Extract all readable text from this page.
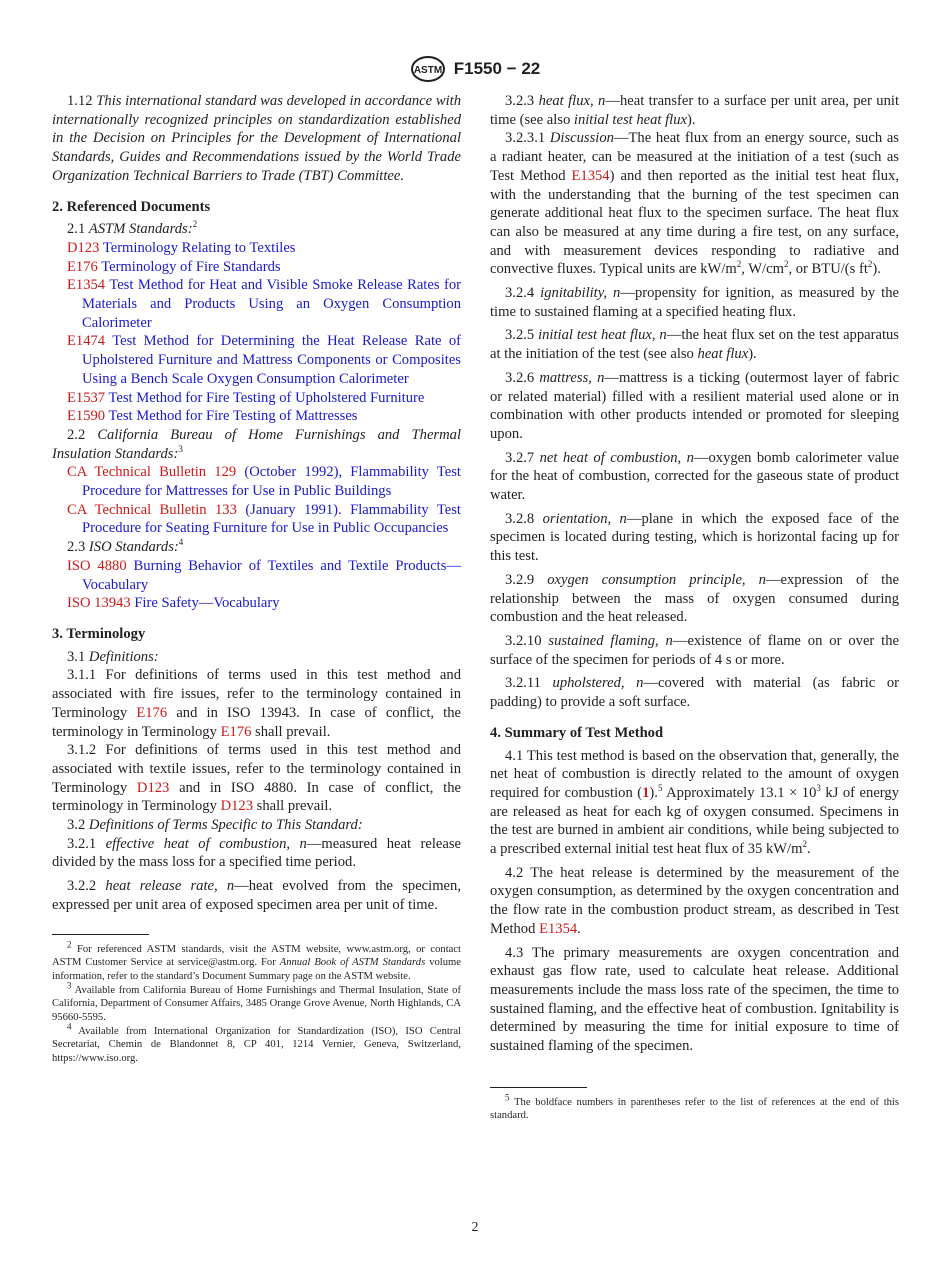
ASTM F1550 − 22

1.12 This international standard was developed in accordance with internationally recognized principles on standardization established in the Decision on Principles for the Development of International Standards, Guides and Recommendations issued by the World Trade Organization Technical Barriers to Trade (TBT) Committee.

2. Referenced Documents

2.1 ASTM Standards:$^2$

D123 Terminology Relating to Textiles

E176 Terminology of Fire Standards

E1354 Test Method for Heat and Visible Smoke Release Rates for Materials and Products Using an Oxygen Consumption Calorimeter

E1474 Test Method for Determining the Heat Release Rate of Upholstered Furniture and Mattress Components or Composites Using a Bench Scale Oxygen Consumption Calorimeter

E1537 Test Method for Fire Testing of Upholstered Furniture

E1590 Test Method for Fire Testing of Mattresses

2.2 California Bureau of Home Furnishings and Thermal Insulation Standards:$^3$

CA Technical Bulletin 129 (October 1992), Flammability Test Procedure for Mattresses for Use in Public Buildings

CA Technical Bulletin 133 (January 1991). Flammability Test Procedure for Seating Furniture for Use in Public Occupancies

2.3 ISO Standards:$^4$

ISO 4880 Burning Behavior of Textiles and Textile Products—Vocabulary

ISO 13943 Fire Safety—Vocabulary

3. Terminology

3.1 Definitions:

3.1.1 For definitions of terms used in this test method and associated with fire issues, refer to the terminology contained in Terminology E176 and in ISO 13943. In case of conflict, the terminology in Terminology E176 shall prevail.

3.1.2 For definitions of terms used in this test method and associated with textile issues, refer to the terminology contained in Terminology D123 and in ISO 4880. In case of conflict, the terminology in Terminology D123 shall prevail.

3.2 Definitions of Terms Specific to This Standard:

3.2.1 effective heat of combustion, n—measured heat release divided by the mass loss for a specified time period.

3.2.2 heat release rate, n—heat evolved from the specimen, expressed per unit area of exposed specimen area per unit of time.

$^2$ For referenced ASTM standards, visit the ASTM website, www.astm.org, or contact ASTM Customer Service at service@astm.org. For Annual Book of ASTM Standards volume information, refer to the standard’s Document Summary page on the ASTM website.

$^3$ Available from California Bureau of Home Furnishings and Thermal Insulation, State of California, Department of Consumer Affairs, 3485 Orange Grove Avenue, North Highlands, CA 95660-5595.

$^4$ Available from International Organization for Standardization (ISO), ISO Central Secretariat, Chemin de Blandonnet 8, CP 401, 1214 Vernier, Geneva, Switzerland, https://www.iso.org.

3.2.3 heat flux, n—heat transfer to a surface per unit area, per unit time (see also initial test heat flux).

3.2.3.1 Discussion—The heat flux from an energy source, such as a radiant heater, can be measured at the initiation of a test (such as Test Method E1354) and then reported as the initial test heat flux, with the understanding that the burning of the test specimen can generate additional heat flux to the specimen surface. The heat flux can also be measured at any time during a fire test, on any surface, and with measurement devices responding to radiative and convective fluxes. Typical units are $kW/m^2$, $W/cm^2$, or BTU/(s $ft^2$).

3.2.4 ignitability, n—propensity for ignition, as measured by the time to sustained flaming at a specified heating flux.

3.2.5 initial test heat flux, n—the heat flux set on the test apparatus at the initiation of the test (see also heat flux).

3.2.6 mattress, n—mattress is a ticking (outermost layer of fabric or related material) filled with a resilient material used alone or in combination with other products intended or promoted for sleeping upon.

3.2.7 net heat of combustion, n—oxygen bomb calorimeter value for the heat of combustion, corrected for the gaseous state of product water.

3.2.8 orientation, n—plane in which the exposed face of the specimen is located during testing, which is horizontal facing up for this test.

3.2.9 oxygen consumption principle, n—expression of the relationship between the mass of oxygen consumed during combustion and the heat released.

3.2.10 sustained flaming, n—existence of flame on or over the surface of the specimen for periods of 4 s or more.

3.2.11 upholstered, n—covered with material (as fabric or padding) to provide a soft surface.

4. Summary of Test Method

4.1 This test method is based on the observation that, generally, the net heat of combustion is directly related to the amount of oxygen required for combustion (1).$^5$ Approximately $13.1 \times 10^3$ kJ of energy are released as heat for each kg of oxygen consumed. Specimens in the test are burned in ambient air conditions, while being subjected to a prescribed external initial test heat flux of 35 $kW/m^2$.

4.2 The heat release is determined by the measurement of the oxygen consumption, as determined by the oxygen concentration and the flow rate in the combustion product stream, as described in Test Method E1354.

4.3 The primary measurements are oxygen concentration and exhaust gas flow rate, used to calculate heat release. Additional measurements include the mass loss rate of the specimen, the time to sustained flaming, and the effective heat of combustion. Ignitability is determined by measuring the time for initial exposure to time of sustained flaming of the specimen.

$^5$ The boldface numbers in parentheses refer to the list of references at the end of this standard.

2
